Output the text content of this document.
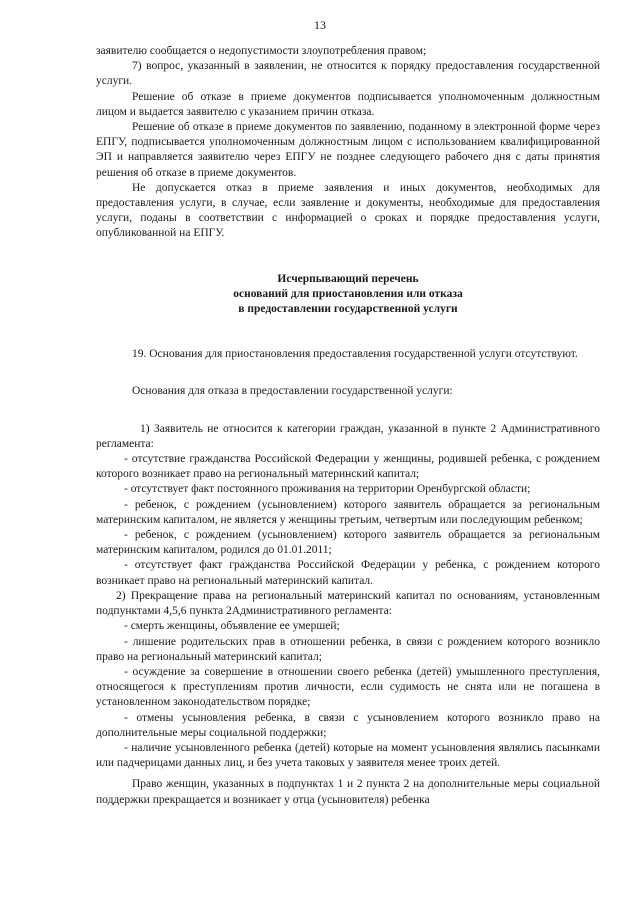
13

заявителю сообщается о недопустимости злоупотребления правом;

7) вопрос, указанный в заявлении, не относится к порядку предоставления государственной услуги.

Решение об отказе в приеме документов подписывается уполномоченным должностным лицом и выдается заявителю с указанием причин отказа.

Решение об отказе в приеме документов по заявлению, поданному в электронной форме через ЕПГУ, подписывается уполномоченным должностным лицом с использованием квалифицированной ЭП и направляется заявителю через ЕПГУ не позднее следующего рабочего дня с даты принятия решения об отказе в приеме документов.

Не допускается отказ в приеме заявления и иных документов, необходимых для предоставления услуги, в случае, если заявление и документы, необходимые для предоставления услуги, поданы в соответствии с информацией о сроках и порядке предоставления услуги, опубликованной на ЕПГУ.

Исчерпывающий перечень
оснований для приостановления или отказа
в предоставлении государственной услуги

19. Основания для приостановления предоставления государственной услуги отсутствуют.

Основания для отказа в предоставлении государственной услуги:

1) Заявитель не относится к категории граждан, указанной в пункте 2 Административного регламента:

- отсутствие гражданства Российской Федерации у женщины, родившей ребенка, с рождением которого возникает право на региональный материнский капитал;

- отсутствует факт постоянного проживания на территории Оренбургской области;

- ребенок, с рождением (усыновлением) которого заявитель обращается за региональным материнским капиталом, не является у женщины третьим, четвертым или последующим ребенком;

- ребенок, с рождением (усыновлением) которого заявитель обращается за региональным материнским капиталом, родился до 01.01.2011;

- отсутствует факт гражданства Российской Федерации у ребенка, с рождением которого возникает право на региональный материнский капитал.

2) Прекращение права на региональный материнский капитал по основаниям, установленным подпунктами 4,5,6 пункта 2Административного регламента:

- смерть женщины, объявление ее умершей;

- лишение родительских прав в отношении ребенка, в связи с рождением которого возникло право на региональный материнский капитал;

- осуждение за совершение в отношении своего ребенка (детей) умышленного преступления, относящегося к преступлениям против личности, если судимость не снята или не погашена в установленном законодательством порядке;

- отмены усыновления ребенка, в связи с усыновлением которого возникло право на дополнительные меры социальной поддержки;

- наличие усыновленного ребенка (детей) которые на момент усыновления являлись пасынками или падчерицами данных лиц, и без учета таковых у заявителя менее троих детей.

Право женщин, указанных в подпунктах 1 и 2 пункта 2 на дополнительные меры социальной поддержки прекращается и возникает у отца (усыновителя) ребенка
